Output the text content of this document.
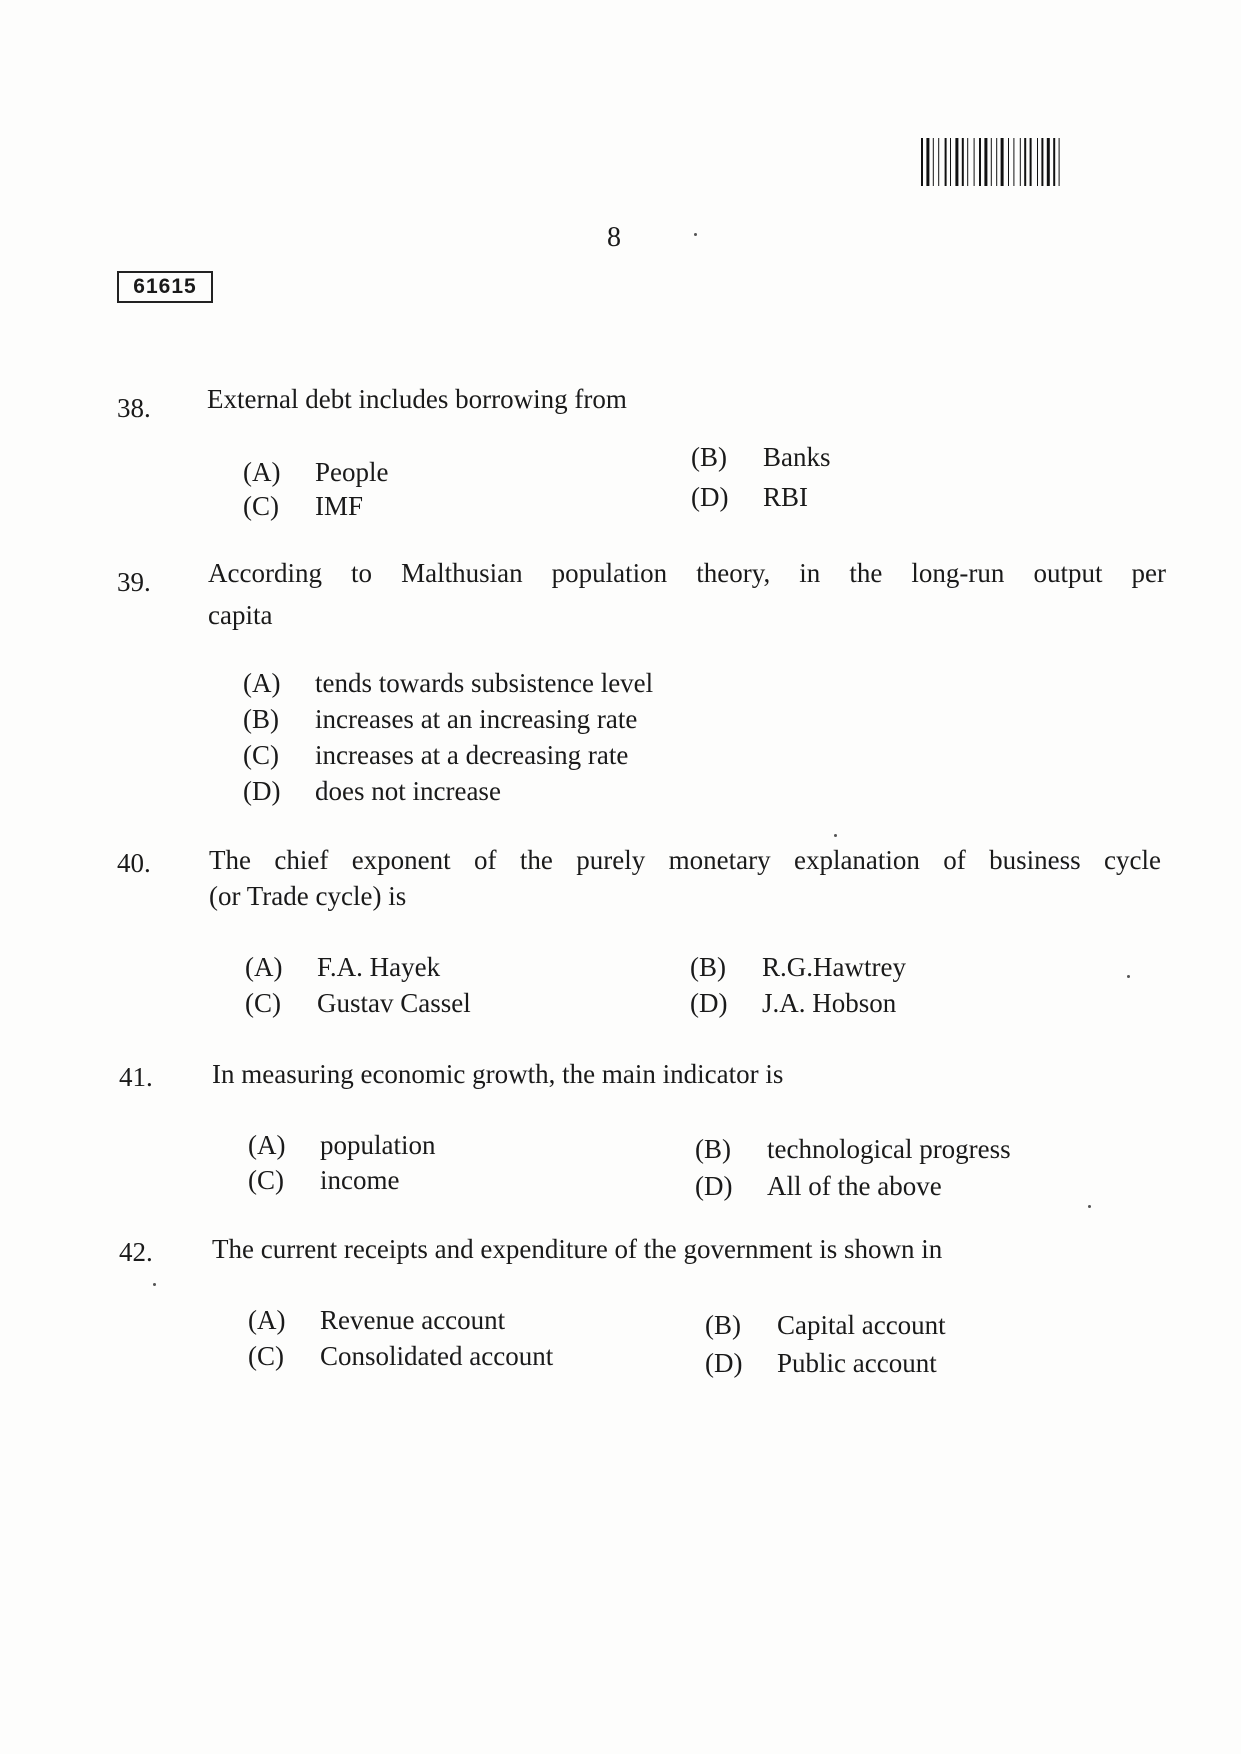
8
61615
38. External debt includes borrowing from
(A) People	(B) Banks
(C) IMF	(D) RBI
39. According to Malthusian population theory, in the long-run output per
capita
(A) tends towards subsistence level
(B) increases at an increasing rate
(C) increases at a decreasing rate
(D) does not increase
40. The chief exponent of the purely monetary explanation of business cycle
(or Trade cycle) is
(A) F.A. Hayek	(B) R.G.Hawtrey
(C) Gustav Cassel	(D) J.A. Hobson
41. In measuring economic growth, the main indicator is
(A) population	(B) technological progress
(C) income	(D) All of the above
42. The current receipts and expenditure of the government is shown in
(A) Revenue account	(B) Capital account
(C) Consolidated account	(D) Public account
